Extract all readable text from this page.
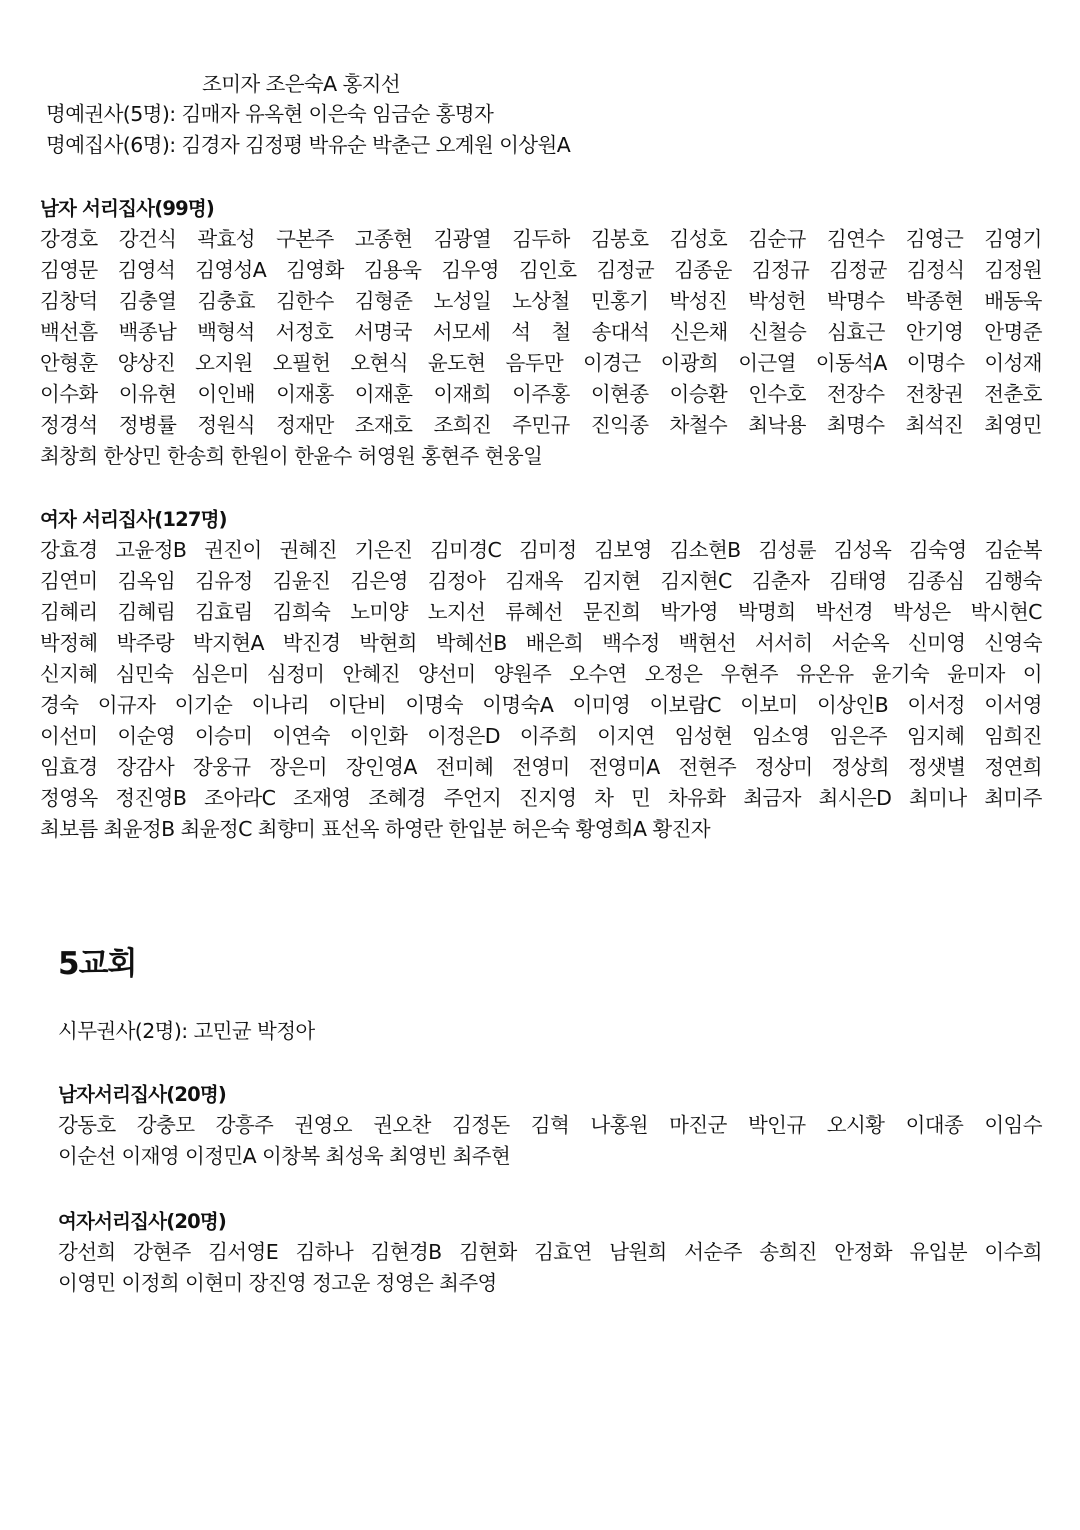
조미자 조은숙A 홍지선
명예권사(5명): 김매자 유옥현 이은숙 임금순 홍명자
명예집사(6명): 김경자 김정평 박유순 박춘근 오계원 이상원A
남자 서리집사(99명)
강경호 강건식 곽효성 구본주 고종현 김광열 김두하 김봉호 김성호 김순규 김연수 김영근 김영기
김영문 김영석 김영성A 김영화 김용욱 김우영 김인호 김정균 김종운 김정규 김정균 김정식 김정원
김창덕 김충열 김충효 김한수 김형준 노성일 노상철 민홍기 박성진 박성헌 박명수 박종현 배동욱
백선흠 백종남 백형석 서정호 서명국 서모세 석 철 송대석 신은채 신철승 심효근 안기영 안명준
안형훈 양상진 오지원 오필헌 오현식 윤도현 음두만 이경근 이광희 이근열 이동석A 이명수 이성재
이수화 이유현 이인배 이재홍 이재훈 이재희 이주홍 이현종 이승환 인수호 전장수 전창권 전춘호
정경석 정병률 정원식 정재만 조재호 조희진 주민규 진익종 차철수 최낙용 최명수 최석진 최영민
최창희 한상민 한송희 한원이 한윤수 허영원 홍현주 현웅일
여자 서리집사(127명)
강효경 고윤정B 권진이 권혜진 기은진 김미경C 김미정 김보영 김소현B 김성륜 김성옥 김숙영 김순복
김연미 김옥임 김유정 김윤진 김은영 김정아 김재옥 김지현 김지현C 김춘자 김태영 김종심 김행숙
김혜리 김혜림 김효림 김희숙 노미양 노지선 류혜선 문진희 박가영 박명희 박선경 박성은 박시현C
박정혜 박주랑 박지현A 박진경 박현희 박혜선B 배은희 백수정 백현선 서서히 서순옥 신미영 신영숙
신지혜 심민숙 심은미 심정미 안혜진 양선미 양원주 오수연 오정은 우현주 유온유 윤기숙 윤미자 이
경숙 이규자 이기순 이나리 이단비 이명숙 이명숙A 이미영 이보람C 이보미 이상인B 이서정 이서영
이선미 이순영 이승미 이연숙 이인화 이정은D 이주희 이지연 임성현 임소영 임은주 임지혜 임희진
임효경 장감사 장웅규 장은미 장인영A 전미혜 전영미 전영미A 전현주 정상미 정상희 정샛별 정연희
정영옥 정진영B 조아라C 조재영 조혜경 주언지 진지영 차 민 차유화 최금자 최시은D 최미나 최미주
최보름 최윤정B 최윤정C 최향미 표선옥 하영란 한입분 허은숙 황영희A 황진자
5교회
시무권사(2명): 고민균 박정아
남자서리집사(20명)
강동호 강충모 강흥주 권영오 권오찬 김정돈 김혁 나홍원 마진군 박인규 오시황 이대종 이임수
이순선 이재영 이정민A 이창복 최성욱 최영빈 최주현
여자서리집사(20명)
강선희 강현주 김서영E 김하나 김현경B 김현화 김효연 남원희 서순주 송희진 안정화 유입분 이수희
이영민 이정희 이현미 장진영 정고운 정영은 최주영
